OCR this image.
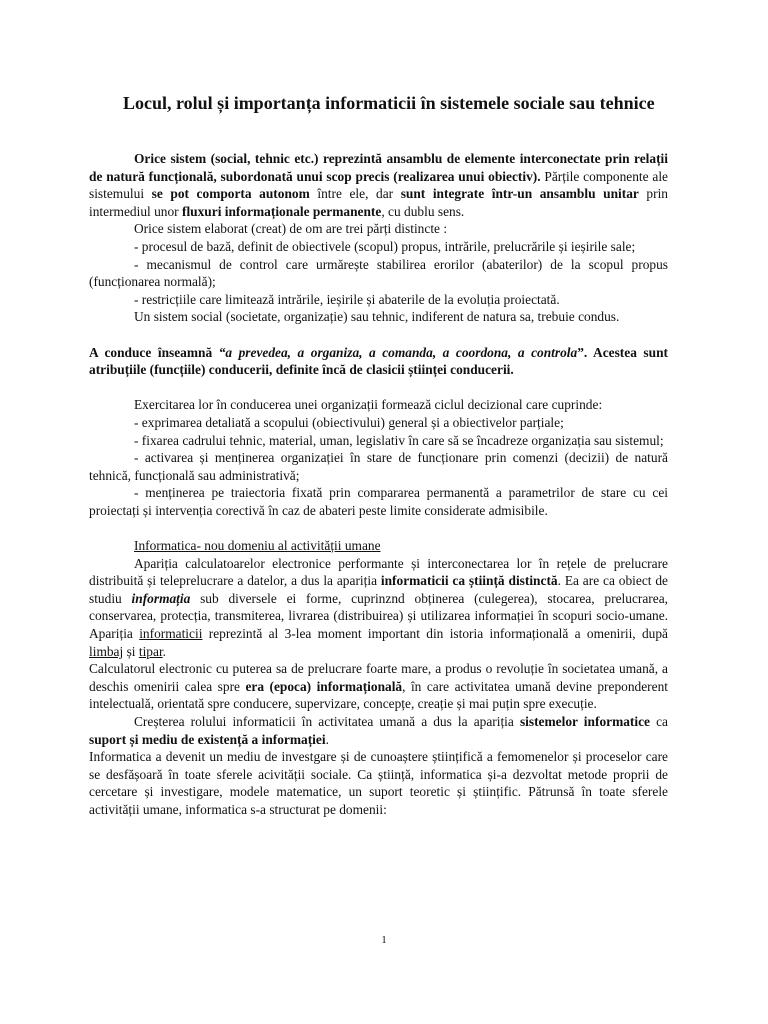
Locul, rolul și importanța informaticii în sistemele sociale sau tehnice

Orice sistem (social, tehnic etc.) reprezintă ansamblu de elemente interconectate prin relații de natură funcțională, subordonată unui scop precis (realizarea unui obiectiv). Părțile componente ale sistemului se pot comporta autonom între ele, dar sunt integrate într-un ansamblu unitar prin intermediul unor fluxuri informaționale permanente, cu dublu sens.

Orice sistem elaborat (creat) de om are trei părți distincte :

- procesul de bază, definit de obiectivele (scopul) propus, intrările, prelucrările și ieșirile sale;

- mecanismul de control care urmărește stabilirea erorilor (abaterilor) de la scopul propus (funcționarea normală);

- restricțiile care limitează intrările, ieșirile și abaterile de la evoluția proiectată.

Un sistem social (societate, organizație) sau tehnic, indiferent de natura sa, trebuie condus.

A conduce înseamnă “a prevedea, a organiza, a comanda, a coordona, a controla”. Acestea sunt atribuțiile (funcțiile) conducerii, definite încă de clasicii științei conducerii.

Exercitarea lor în conducerea unei organizații formează ciclul decizional care cuprinde:

- exprimarea detaliată a scopului (obiectivului) general și a obiectivelor parțiale;

- fixarea cadrului tehnic, material, uman, legislativ în care să se încadreze organizația sau sistemul;

- activarea și menținerea organizației în stare de funcționare prin comenzi (decizii) de natură tehnică, funcțională sau administrativă;

- menținerea pe traiectoria fixată prin compararea permanentă a parametrilor de stare cu cei proiectați și intervenția corectivă în caz de abateri peste limite considerate admisibile.

Informatica- nou domeniu al activității umane

Apariția calculatoarelor electronice performante și interconectarea lor în rețele de prelucrare distribuită și teleprelucrare a datelor, a dus la apariția informaticii ca știință distinctă. Ea are ca obiect de studiu informația sub diversele ei forme, cuprinznd obținerea (culegerea), stocarea, prelucrarea, conservarea, protecția, transmiterea, livrarea (distribuirea) și utilizarea informației în scopuri socio-umane. Apariția informaticii reprezintă al 3-lea moment important din istoria informațională a omenirii, după limbaj și tipar.

Calculatorul electronic cu puterea sa de prelucrare foarte mare, a produs o revoluție în societatea umană, a deschis omenirii calea spre era (epoca) informațională, în care activitatea umană devine preponderent intelectuală, orientată spre conducere, supervizare, concepțe, creație și mai puțin spre execuție.

Creșterea rolului informaticii în activitatea umană a dus la apariția sistemelor informatice ca suport și mediu de existență a informației.

Informatica a devenit un mediu de investgare și de cunoaștere științifică a femomenelor și proceselor care se desfășoară în toate sferele acivității sociale. Ca știință, informatica și-a dezvoltat metode proprii de cercetare și investigare, modele matematice, un suport teoretic și științific. Pătrunsă în toate sferele activității umane, informatica s-a structurat pe domenii:

1
